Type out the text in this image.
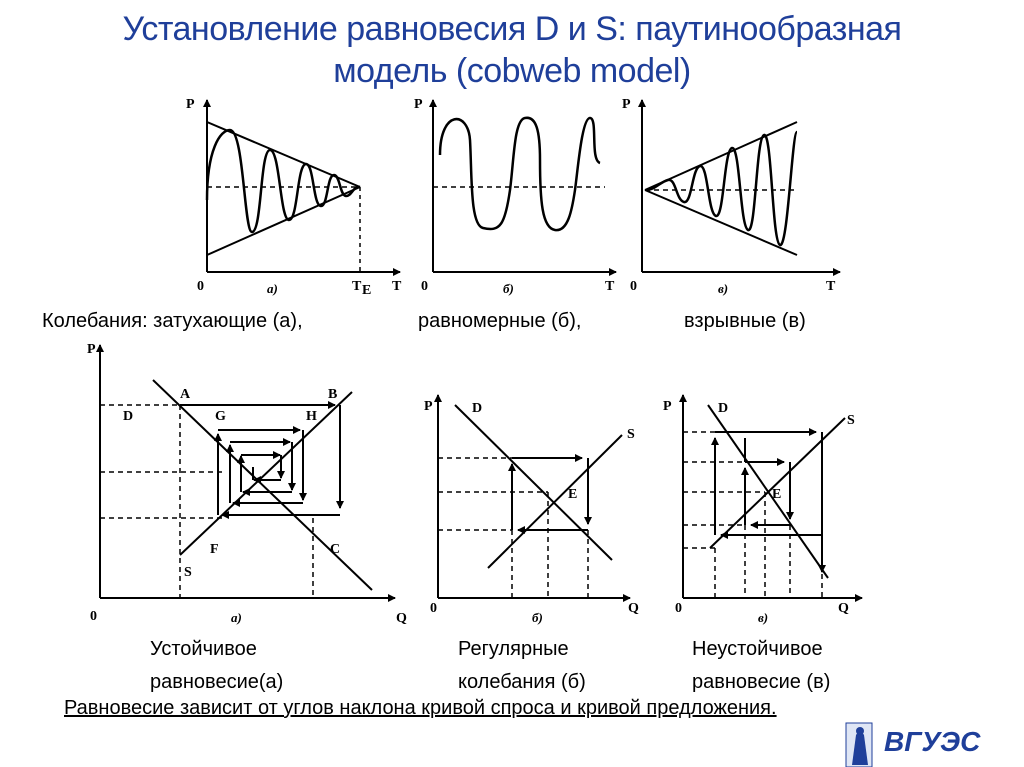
Установление равновесия D и S: паутинообразная
модель (cobweb model)
P
0	а)	T E T
P
0	б)	T
P
0	в)	T
P
0	Q
а)
A	B
D	G	H
F	C
S
P
0	Q
б)
D
S
E
P
0	Q
в)
D
S
E
Колебания: затухающие (а),	равномерные (б),	взрывные (в)
Устойчивое
равновесие(а)
Регулярные
колебания (б)
Неустойчивое
равновесие (в)
Равновесие зависит от углов наклона кривой спроса и кривой предложения.
ВГУЭС
